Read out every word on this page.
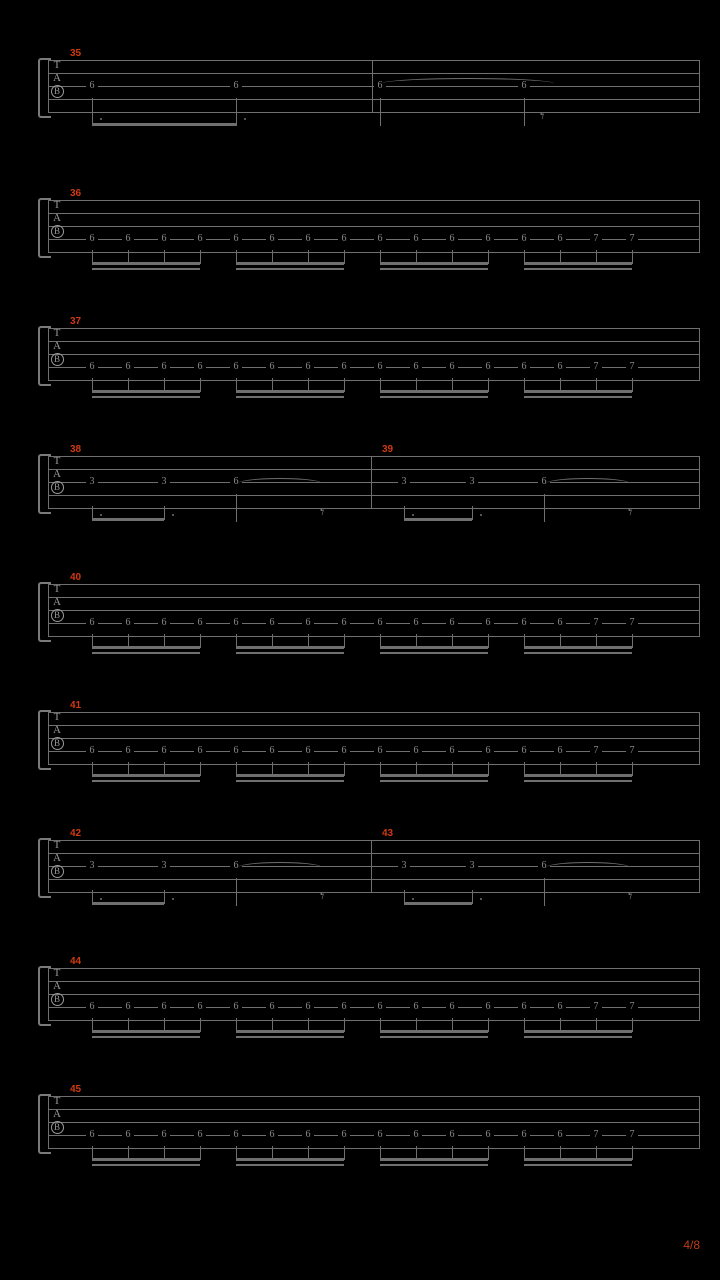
T
A
B
35
6	6	6	6
𝄾
T
A
B
36
6	6	6	6	6	6	6	6	6	6	6	6	6	6	7	7
T
A
B
37
6	6	6	6	6	6	6	6	6	6	6	6	6	6	7	7
T
A
B
38
3	3	6
𝄾
39
3	3	6
𝄾
T
A
B
40
6	6	6	6	6	6	6	6	6	6	6	6	6	6	7	7
T
A
B
41
6	6	6	6	6	6	6	6	6	6	6	6	6	6	7	7
T
A
B
42
3	3	6
𝄾
43
3	3	6
𝄾
T
A
B
44
6	6	6	6	6	6	6	6	6	6	6	6	6	6	7	7
T
A
B
45
6	6	6	6	6	6	6	6	6	6	6	6	6	6	7	7
4/8
